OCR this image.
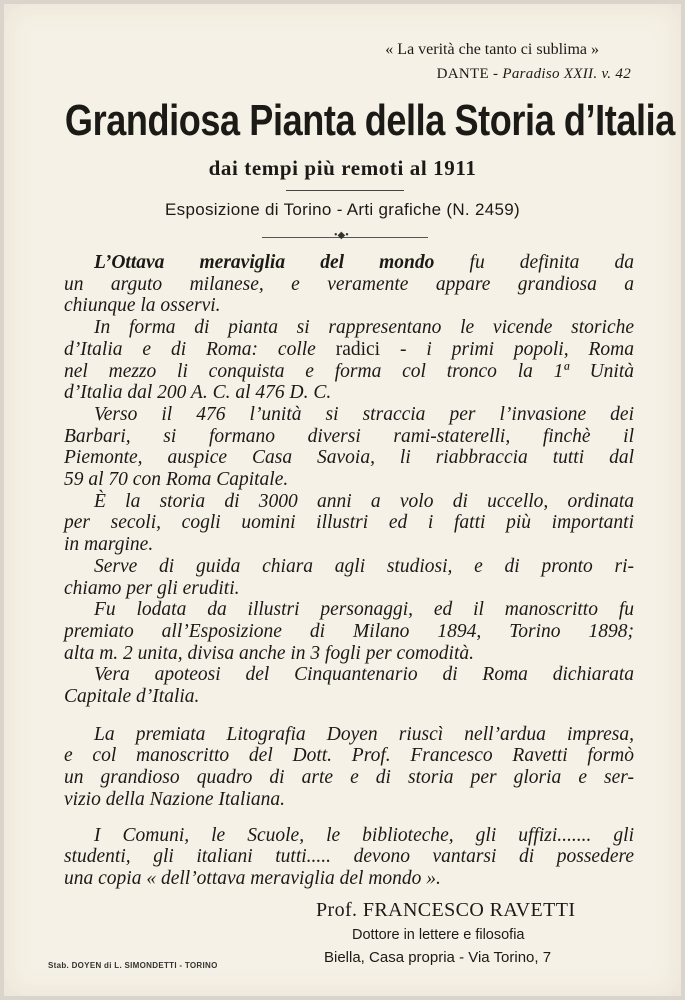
« La verità che tanto ci sublima »
DANTE - Paradiso XXII. v. 42
Grandiosa Pianta della Storia d’Italia
dai tempi più remoti al 1911
Esposizione di Torino - Arti grafiche (N. 2459)
•◆•
L’Ottava meraviglia del mondo fu definita da
un arguto milanese, e veramente appare grandiosa a
chiunque la osservi.
In forma di pianta si rappresentano le vicende storiche
d’Italia e di Roma: colle radici - i primi popoli, Roma
nel mezzo li conquista e forma col tronco la 1ª Unità
d’Italia dal 200 A. C. al 476 D. C.
Verso il 476 l’unità si straccia per l’invasione dei
Barbari, si formano diversi rami-staterelli, finchè il
Piemonte, auspice Casa Savoia, li riabbraccia tutti dal
59 al 70 con Roma Capitale.
È la storia di 3000 anni a volo di uccello, ordinata
per secoli, cogli uomini illustri ed i fatti più importanti
in margine.
Serve di guida chiara agli studiosi, e di pronto ri-
chiamo per gli eruditi.
Fu lodata da illustri personaggi, ed il manoscritto fu
premiato all’Esposizione di Milano 1894, Torino 1898;
alta m. 2 unita, divisa anche in 3 fogli per comodità.
Vera apoteosi del Cinquantenario di Roma dichiarata
Capitale d’Italia.
La premiata Litografia Doyen riuscì nell’ardua impresa,
e col manoscritto del Dott. Prof. Francesco Ravetti formò
un grandioso quadro di arte e di storia per gloria e ser-
vizio della Nazione Italiana.
I Comuni, le Scuole, le biblioteche, gli uffizi....... gli
studenti, gli italiani tutti..... devono vantarsi di possedere
una copia « dell’ottava meraviglia del mondo ».
Prof. FRANCESCO RAVETTI
Dottore in lettere e filosofia
Biella, Casa propria - Via Torino, 7
Stab. DOYEN di L. SIMONDETTI - TORINO
